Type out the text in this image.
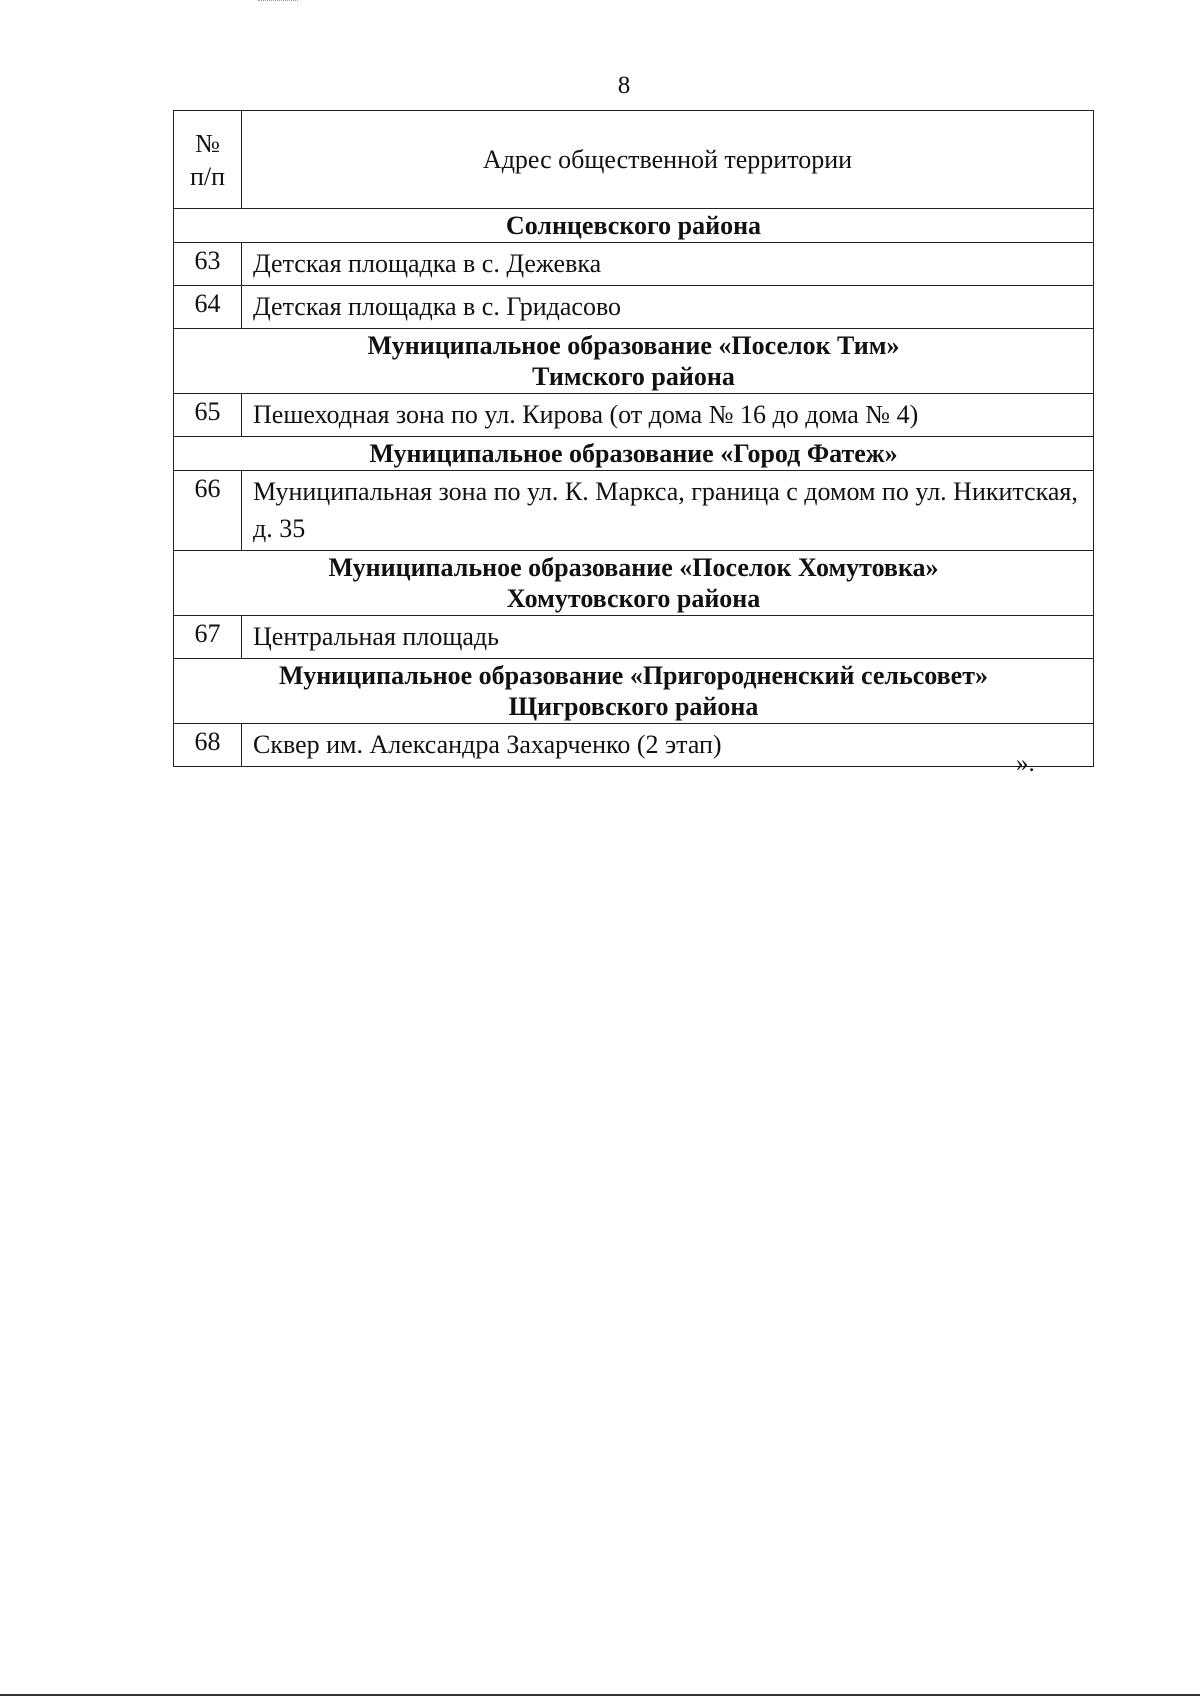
8
№
п/п	Адрес общественной территории

Солнцевского района	

63	Детская площадка в с. Дежевка
64	Детская площадка в с. Гридасово

Муниципальное образование «Поселок Тим»
Тимского района	

65	Пешеходная зона по ул. Кирова (от дома № 16 до дома № 4)

Муниципальное образование «Город Фатеж»	

66	Муниципальная зона по ул. К. Маркса, граница с домом по ул. Никитская, д. 35

Муниципальное образование «Поселок Хомутовка»
Хомутовского района	

67	Центральная площадь

Муниципальное образование «Пригородненский сельсовет»
Щигровского района	

68	Сквер им. Александра Захарченко (2 этап)
».
